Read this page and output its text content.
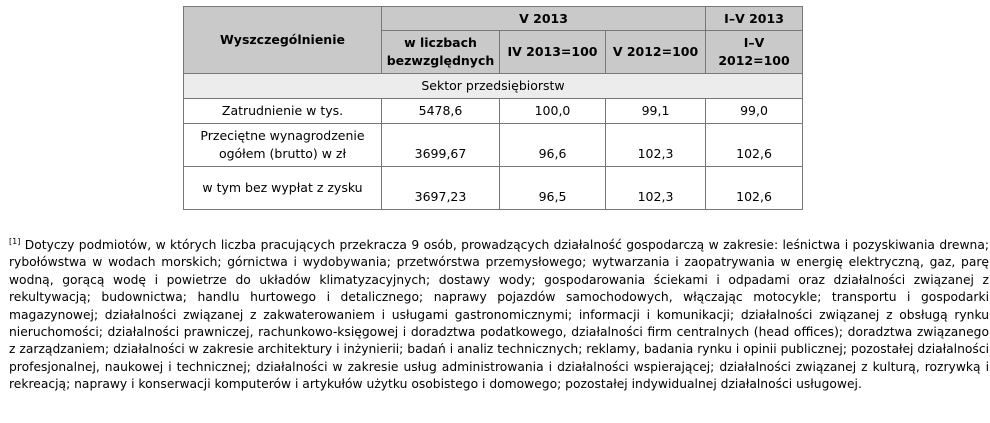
Wyszczególnienie	V 2013			I–V 2013
	w liczbach bezwzględnych	IV 2013=100	V 2012=100	I–V 2012=100
Sektor przedsiębiorstw				
Zatrudnienie w tys.	5478,6	100,0	99,1	99,0
Przeciętne wynagrodzenie ogółem (brutto) w zł	3699,67	96,6	102,3	102,6
w tym bez wypłat z zysku	3697,23	96,5	102,3	102,6

[1] Dotyczy podmiotów, w których liczba pracujących przekracza 9 osób, prowadzących działalność gospodarczą w zakresie: leśnictwa i pozyskiwania drewna; rybołówstwa w wodach morskich; górnictwa i wydobywania; przetwórstwa przemysłowego; wytwarzania i zaopatrywania w energię elektryczną, gaz, parę wodną, gorącą wodę i powietrze do układów klimatyzacyjnych; dostawy wody; gospodarowania ściekami i odpadami oraz działalności związanej z rekultywacją; budownictwa; handlu hurtowego i detalicznego; naprawy pojazdów samochodowych, włączając motocykle; transportu i gospodarki magazynowej; działalności związanej z zakwaterowaniem i usługami gastronomicznymi; informacji i komunikacji; działalności związanej z obsługą rynku nieruchomości; działalności prawniczej, rachunkowo-księgowej i doradztwa podatkowego, działalności firm centralnych (head offices); doradztwa związanego z zarządzaniem; działalności w zakresie architektury i inżynierii; badań i analiz technicznych; reklamy, badania rynku i opinii publicznej; pozostałej działalności profesjonalnej, naukowej i technicznej; działalności w zakresie usług administrowania i działalności wspierającej; działalności związanej z kulturą, rozrywką i rekreacją; naprawy i konserwacji komputerów i artykułów użytku osobistego i domowego; pozostałej indywidualnej działalności usługowej.
